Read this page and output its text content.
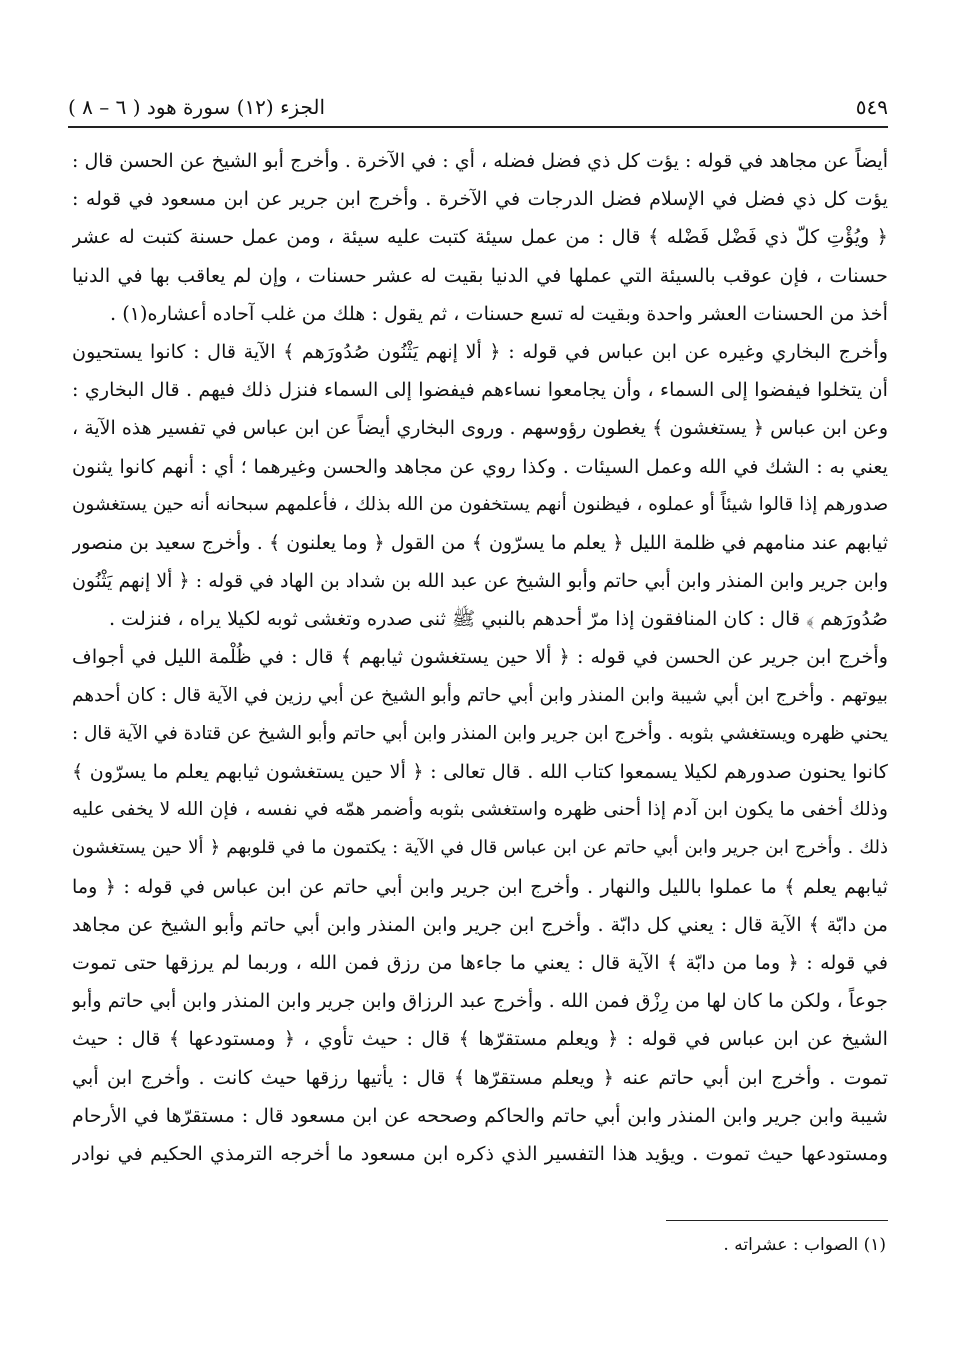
الجزء (١٢) سورة هود ( ٦ – ٨ )	٥٤٩
أيضاً عن مجاهد في قوله : يؤت كل ذي فضل فضله ، أي : في الآخرة . وأخرج أبو الشيخ عن الحسن قال :
يؤت كل ذي فضل في الإسلام فضل الدرجات في الآخرة . وأخرج ابن جرير عن ابن مسعود في قوله :
﴿ ويُؤْتِ كلّ ذي فَضْل فَضْله ﴾ قال : من عمل سيئة كتبت عليه سيئة ، ومن عمل حسنة كتبت له عشر
حسنات ، فإن عوقب بالسيئة التي عملها في الدنيا بقيت له عشر حسنات ، وإن لم يعاقب بها في الدنيا
أخذ من الحسنات العشر واحدة وبقيت له تسع حسنات ، ثم يقول : هلك من غلب آحاده أعشاره(١) .
وأخرج البخاري وغيره عن ابن عباس في قوله : ﴿ ألا إنهم يَثْنُون صُدُورَهم ﴾ الآية قال : كانوا يستحيون
أن يتخلوا فيفضوا إلى السماء ، وأن يجامعوا نساءهم فيفضوا إلى السماء فنزل ذلك فيهم . قال البخاري :
وعن ابن عباس ﴿ يستغشون ﴾ يغطون رؤوسهم . وروى البخاري أيضاً عن ابن عباس في تفسير هذه الآية ،
يعني به : الشك في الله وعمل السيئات . وكذا روي عن مجاهد والحسن وغيرهما ؛ أي : أنهم كانوا يثنون
صدورهم إذا قالوا شيئاً أو عملوه ، فيظنون أنهم يستخفون من الله بذلك ، فأعلمهم سبحانه أنه حين يستغشون
ثيابهم عند منامهم في ظلمة الليل ﴿ يعلم ما يسرّون ﴾ من القول ﴿ وما يعلنون ﴾ . وأخرج سعيد بن منصور
وابن جرير وابن المنذر وابن أبي حاتم وأبو الشيخ عن عبد الله بن شداد بن الهاد في قوله : ﴿ ألا إنهم يَثْنُون
صُدُورَهم ﴾ قال : كان المنافقون إذا مرّ أحدهم بالنبي ﷺ ثنى صدره وتغشى ثوبه لكيلا يراه ، فنزلت .
وأخرج ابن جرير عن الحسن في قوله : ﴿ ألا حين يستغشون ثيابهم ﴾ قال : في ظُلْمة الليل في أجواف
بيوتهم . وأخرج ابن أبي شيبة وابن المنذر وابن أبي حاتم وأبو الشيخ عن أبي رزين في الآية قال : كان أحدهم
يحني ظهره ويستغشي بثوبه . وأخرج ابن جرير وابن المنذر وابن أبي حاتم وأبو الشيخ عن قتادة في الآية قال :
كانوا يحنون صدورهم لكيلا يسمعوا كتاب الله . قال تعالى : ﴿ ألا حين يستغشون ثيابهم يعلم ما يسرّون ﴾
وذلك أخفى ما يكون ابن آدم إذا أحنى ظهره واستغشى بثوبه وأضمر همّه في نفسه ، فإن الله لا يخفى عليه
ذلك . وأخرج ابن جرير وابن أبي حاتم عن ابن عباس قال في الآية : يكتمون ما في قلوبهم ﴿ ألا حين يستغشون
ثيابهم يعلم ﴾ ما عملوا بالليل والنهار . وأخرج ابن جرير وابن أبي حاتم عن ابن عباس في قوله : ﴿ وما
من دابّة ﴾ الآية قال : يعني كل دابّة . وأخرج ابن جرير وابن المنذر وابن أبي حاتم وأبو الشيخ عن مجاهد
في قوله : ﴿ وما من دابّة ﴾ الآية قال : يعني ما جاءها من رزق فمن الله ، وربما لم يرزقها حتى تموت
جوعاً ، ولكن ما كان لها من رِزْق فمن الله . وأخرج عبد الرزاق وابن جرير وابن المنذر وابن أبي حاتم وأبو
الشيخ عن ابن عباس في قوله : ﴿ ويعلم مستقرّها ﴾ قال : حيث تأوي ، ﴿ ومستودعها ﴾ قال : حيث
تموت . وأخرج ابن أبي حاتم عنه ﴿ ويعلم مستقرّها ﴾ قال : يأتيها رزقها حيث كانت . وأخرج ابن أبي
شيبة وابن جرير وابن المنذر وابن أبي حاتم والحاكم وصححه عن ابن مسعود قال : مستقرّها في الأرحام
ومستودعها حيث تموت . ويؤيد هذا التفسير الذي ذكره ابن مسعود ما أخرجه الترمذي الحكيم في نوادر
(١) الصواب : عشراته .
